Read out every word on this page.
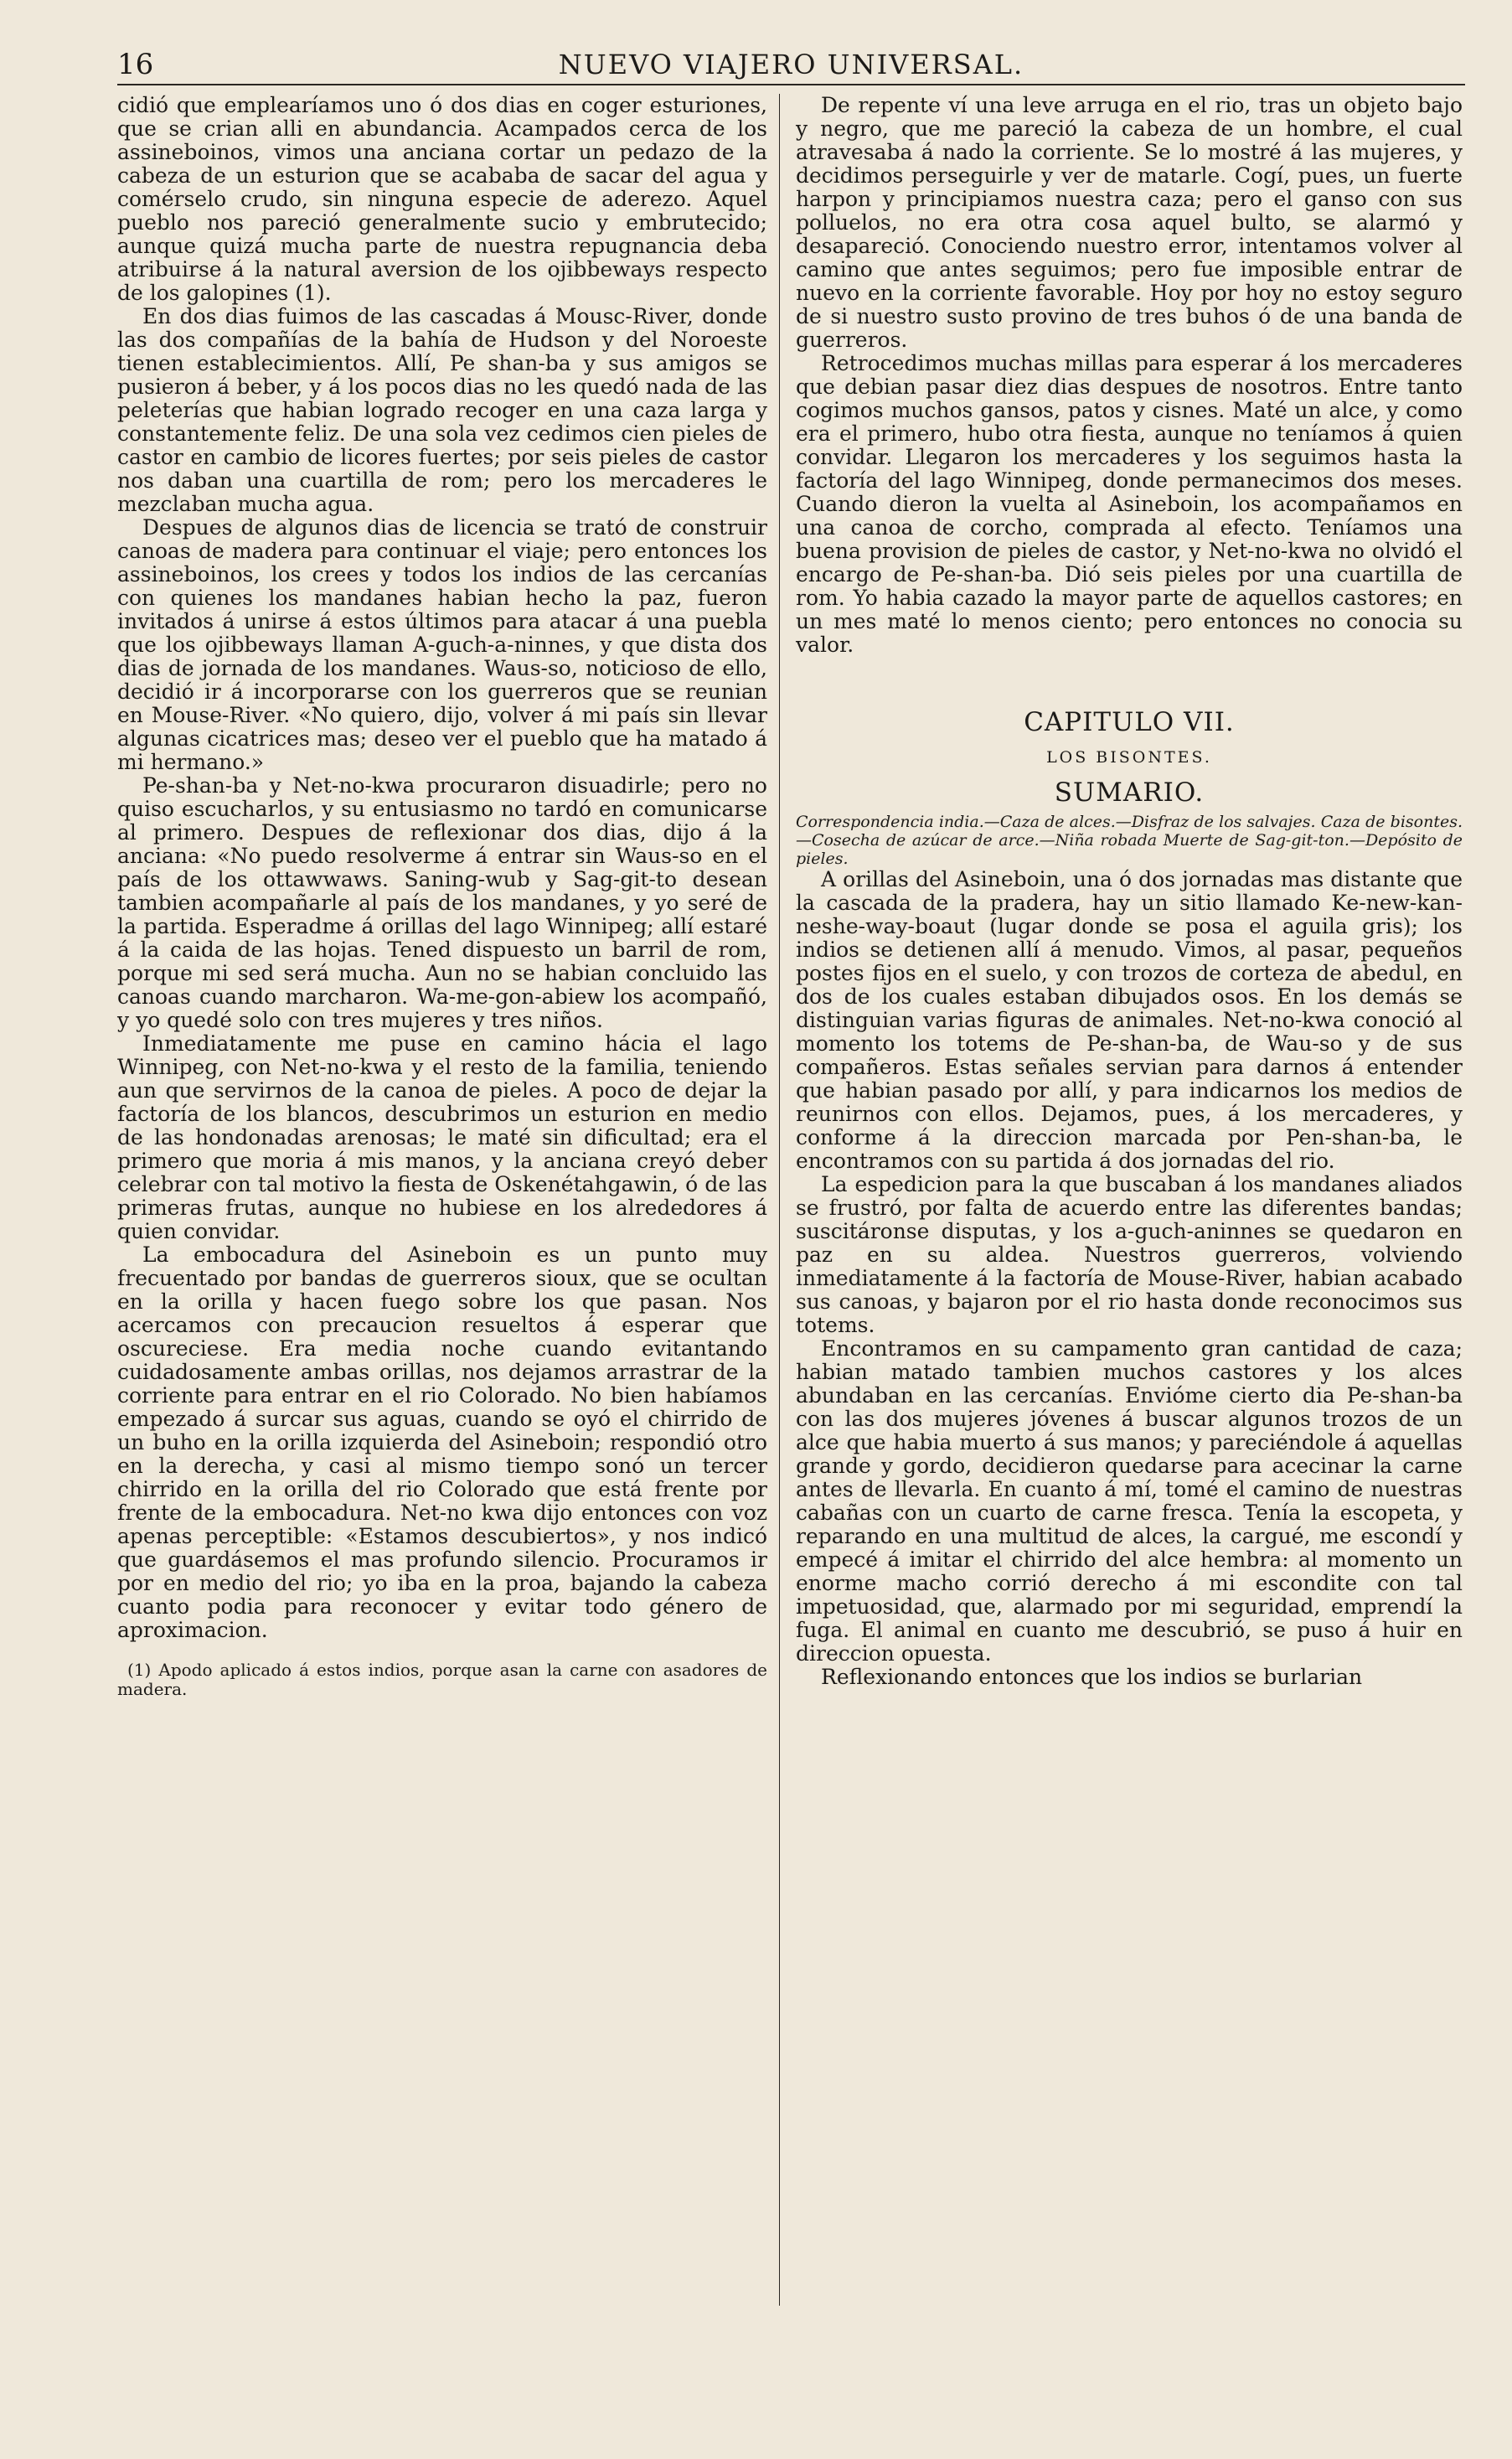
16	NUEVO VIAJERO UNIVERSAL.

cidió que emplearíamos uno ó dos dias en coger esturiones, que se crian alli en abundancia. Acampados cerca de los assineboinos, vimos una anciana cortar un pedazo de la cabeza de un esturion que se acababa de sacar del agua y comérselo crudo, sin ninguna especie de aderezo. Aquel pueblo nos pareció generalmente sucio y embrutecido; aunque quizá mucha parte de nuestra repugnancia deba atribuirse á la natural aversion de los ojibbeways respecto de los galopines (1).

En dos dias fuimos de las cascadas á Mousc-River, donde las dos compañías de la bahía de Hudson y del Noroeste tienen establecimientos. Allí, Pe shan-ba y sus amigos se pusieron á beber, y á los pocos dias no les quedó nada de las peleterías que habian logrado recoger en una caza larga y constantemente feliz. De una sola vez cedimos cien pieles de castor en cambio de licores fuertes; por seis pieles de castor nos daban una cuartilla de rom; pero los mercaderes le mezclaban mucha agua.

Despues de algunos dias de licencia se trató de construir canoas de madera para continuar el viaje; pero entonces los assineboinos, los crees y todos los indios de las cercanías con quienes los mandanes habian hecho la paz, fueron invitados á unirse á estos últimos para atacar á una puebla que los ojibbeways llaman A-guch-a-ninnes, y que dista dos dias de jornada de los mandanes. Waus-so, noticioso de ello, decidió ir á incorporarse con los guerreros que se reunian en Mouse-River. «No quiero, dijo, volver á mi país sin llevar algunas cicatrices mas; deseo ver el pueblo que ha matado á mi hermano.»

Pe-shan-ba y Net-no-kwa procuraron disuadirle; pero no quiso escucharlos, y su entusiasmo no tardó en comunicarse al primero. Despues de reflexionar dos dias, dijo á la anciana: «No puedo resolverme á entrar sin Waus-so en el país de los ottawwaws. Saning-wub y Sag-git-to desean tambien acompañarle al país de los mandanes, y yo seré de la partida. Esperadme á orillas del lago Winnipeg; allí estaré á la caida de las hojas. Tened dispuesto un barril de rom, porque mi sed será mucha. Aun no se habian concluido las canoas cuando marcharon. Wa-me-gon-abiew los acompañó, y yo quedé solo con tres mujeres y tres niños.

Inmediatamente me puse en camino hácia el lago Winnipeg, con Net-no-kwa y el resto de la familia, teniendo aun que servirnos de la canoa de pieles. A poco de dejar la factoría de los blancos, descubrimos un esturion en medio de las hondonadas arenosas; le maté sin dificultad; era el primero que moria á mis manos, y la anciana creyó deber celebrar con tal motivo la fiesta de Oskenétahgawin, ó de las primeras frutas, aunque no hubiese en los alrededores á quien convidar.

La embocadura del Asineboin es un punto muy frecuentado por bandas de guerreros sioux, que se ocultan en la orilla y hacen fuego sobre los que pasan. Nos acercamos con precaucion resueltos á esperar que oscureciese. Era media noche cuando evitantando cuidadosamente ambas orillas, nos dejamos arrastrar de la corriente para entrar en el rio Colorado. No bien habíamos empezado á surcar sus aguas, cuando se oyó el chirrido de un buho en la orilla izquierda del Asineboin; respondió otro en la derecha, y casi al mismo tiempo sonó un tercer chirrido en la orilla del rio Colorado que está frente por frente de la embocadura. Net-no kwa dijo entonces con voz apenas perceptible: «Estamos descubiertos», y nos indicó que guardásemos el mas profundo silencio. Procuramos ir por en medio del rio; yo iba en la proa, bajando la cabeza cuanto podia para reconocer y evitar todo género de aproximacion.

(1) Apodo aplicado á estos indios, porque asan la carne con asadores de madera.

De repente ví una leve arruga en el rio, tras un objeto bajo y negro, que me pareció la cabeza de un hombre, el cual atravesaba á nado la corriente. Se lo mostré á las mujeres, y decidimos perseguirle y ver de matarle. Cogí, pues, un fuerte harpon y principiamos nuestra caza; pero el ganso con sus polluelos, no era otra cosa aquel bulto, se alarmó y desapareció. Conociendo nuestro error, intentamos volver al camino que antes seguimos; pero fue imposible entrar de nuevo en la corriente favorable. Hoy por hoy no estoy seguro de si nuestro susto provino de tres buhos ó de una banda de guerreros.

Retrocedimos muchas millas para esperar á los mercaderes que debian pasar diez dias despues de nosotros. Entre tanto cogimos muchos gansos, patos y cisnes. Maté un alce, y como era el primero, hubo otra fiesta, aunque no teníamos á quien convidar. Llegaron los mercaderes y los seguimos hasta la factoría del lago Winnipeg, donde permanecimos dos meses. Cuando dieron la vuelta al Asineboin, los acompañamos en una canoa de corcho, comprada al efecto. Teníamos una buena provision de pieles de castor, y Net-no-kwa no olvidó el encargo de Pe-shan-ba. Dió seis pieles por una cuartilla de rom. Yo habia cazado la mayor parte de aquellos castores; en un mes maté lo menos ciento; pero entonces no conocia su valor.

CAPITULO VII.
LOS BISONTES.
SUMARIO.

Correspondencia india.—Caza de alces.—Disfraz de los salvajes. Caza de bisontes.—Cosecha de azúcar de arce.—Niña robada Muerte de Sag-git-ton.—Depósito de pieles.

A orillas del Asineboin, una ó dos jornadas mas distante que la cascada de la pradera, hay un sitio llamado Ke-new-kan-neshe-way-boaut (lugar donde se posa el aguila gris); los indios se detienen allí á menudo. Vimos, al pasar, pequeños postes fijos en el suelo, y con trozos de corteza de abedul, en dos de los cuales estaban dibujados osos. En los demás se distinguian varias figuras de animales. Net-no-kwa conoció al momento los totems de Pe-shan-ba, de Wau-so y de sus compañeros. Estas señales servian para darnos á entender que habian pasado por allí, y para indicarnos los medios de reunirnos con ellos. Dejamos, pues, á los mercaderes, y conforme á la direccion marcada por Pen-shan-ba, le encontramos con su partida á dos jornadas del rio.

La espedicion para la que buscaban á los mandanes aliados se frustró, por falta de acuerdo entre las diferentes bandas; suscitáronse disputas, y los a-guch-aninnes se quedaron en paz en su aldea. Nuestros guerreros, volviendo inmediatamente á la factoría de Mouse-River, habian acabado sus canoas, y bajaron por el rio hasta donde reconocimos sus totems.

Encontramos en su campamento gran cantidad de caza; habian matado tambien muchos castores y los alces abundaban en las cercanías. Envióme cierto dia Pe-shan-ba con las dos mujeres jóvenes á buscar algunos trozos de un alce que habia muerto á sus manos; y pareciéndole á aquellas grande y gordo, decidieron quedarse para acecinar la carne antes de llevarla. En cuanto á mí, tomé el camino de nuestras cabañas con un cuarto de carne fresca. Tenía la escopeta, y reparando en una multitud de alces, la cargué, me escondí y empecé á imitar el chirrido del alce hembra: al momento un enorme macho corrió derecho á mi escondite con tal impetuosidad, que, alarmado por mi seguridad, emprendí la fuga. El animal en cuanto me descubrió, se puso á huir en direccion opuesta.

Reflexionando entonces que los indios se burlarian
